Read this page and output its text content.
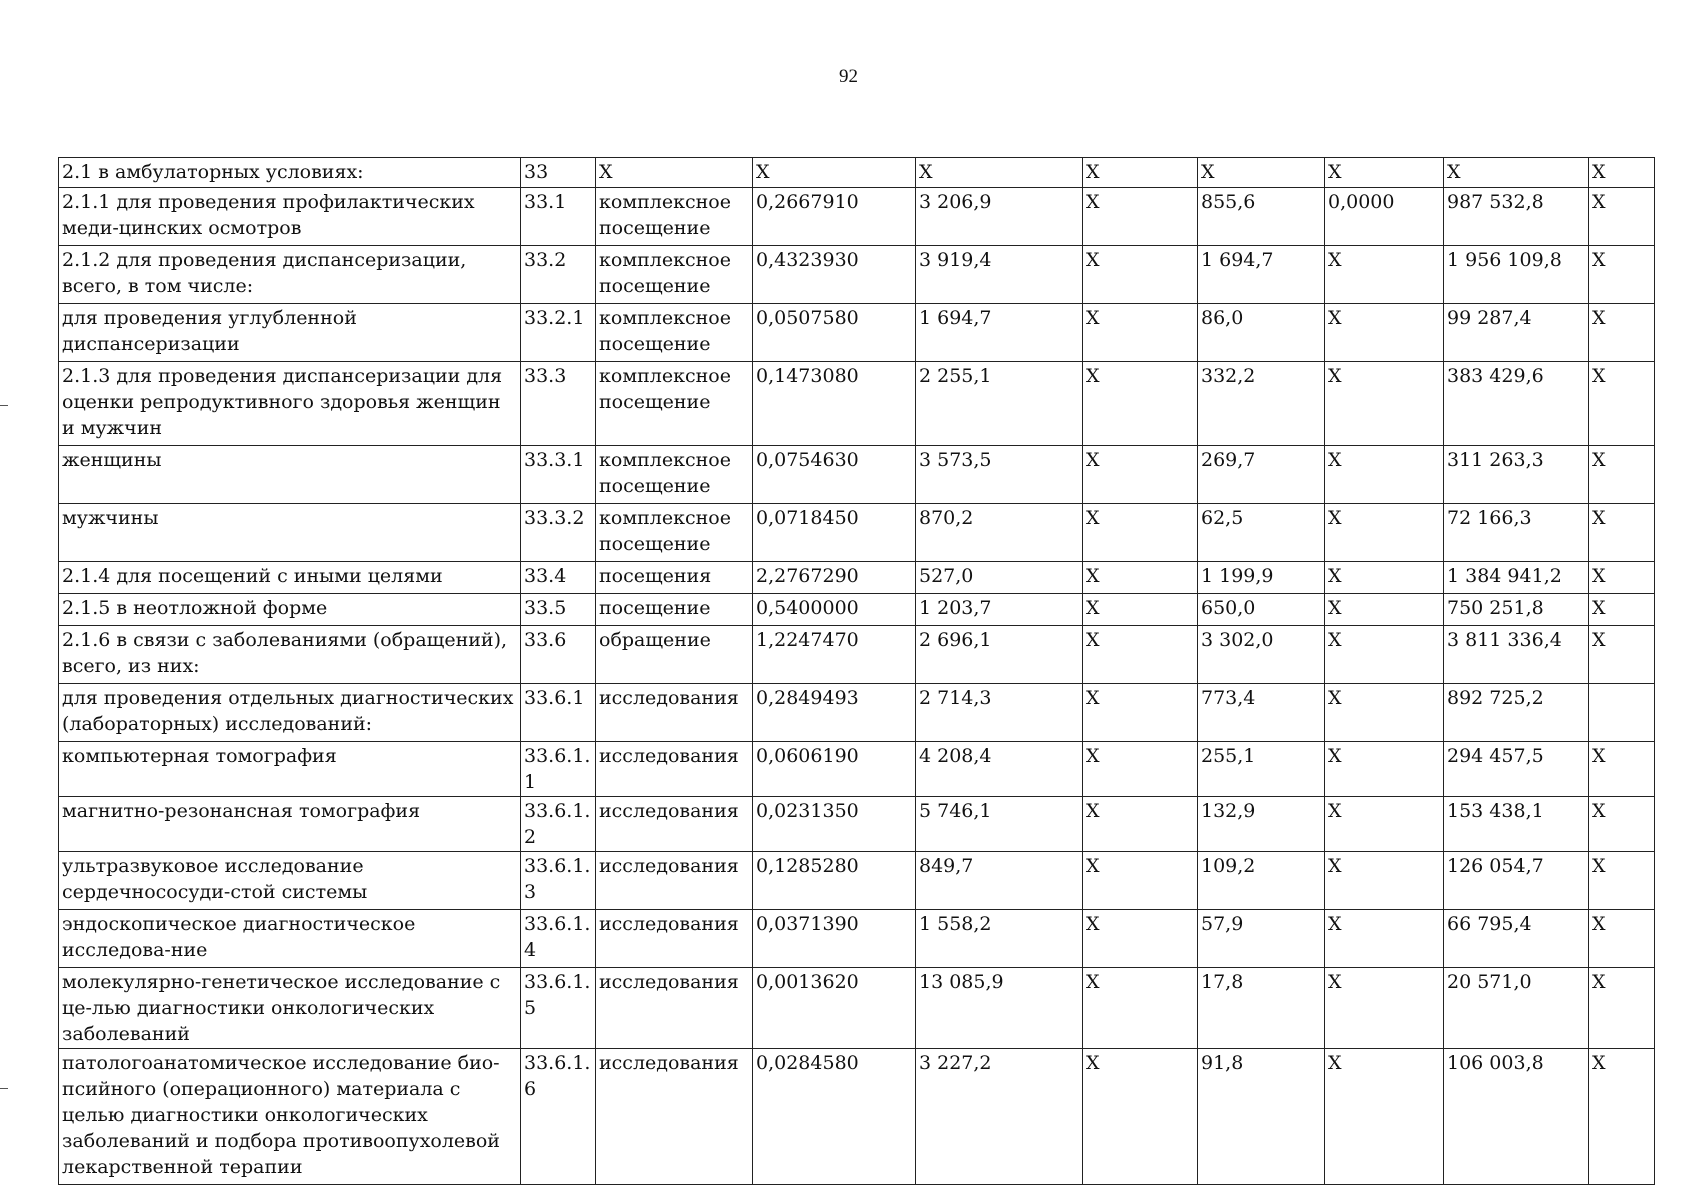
92
2.1 в амбулаторных условиях:	33	Х	Х	Х	Х	Х	Х	Х	Х
2.1.1 для проведения профилактических меди-цинских осмотров	33.1	комплексное посещение	0,2667910	3 206,9	Х	855,6	0,0000	987 532,8	Х
2.1.2 для проведения диспансеризации, всего, в том числе:	33.2	комплексное посещение	0,4323930	3 919,4	Х	1 694,7	Х	1 956 109,8	Х
для проведения углубленной диспансеризации	33.2.1	комплексное посещение	0,0507580	1 694,7	Х	86,0	Х	99 287,4	Х
2.1.3 для проведения диспансеризации для оценки репродуктивного здоровья женщин и мужчин	33.3	комплексное посещение	0,1473080	2 255,1	Х	332,2	Х	383 429,6	Х
женщины	33.3.1	комплексное посещение	0,0754630	3 573,5	Х	269,7	Х	311 263,3	Х
мужчины	33.3.2	комплексное посещение	0,0718450	870,2	Х	62,5	Х	72 166,3	Х
2.1.4 для посещений с иными целями	33.4	посещения	2,2767290	527,0	Х	1 199,9	Х	1 384 941,2	Х
2.1.5 в неотложной форме	33.5	посещение	0,5400000	1 203,7	Х	650,0	Х	750 251,8	Х
2.1.6 в связи с заболеваниями (обращений), всего, из них:	33.6	обращение	1,2247470	2 696,1	Х	3 302,0	Х	3 811 336,4	Х
для проведения отдельных диагностических (лабораторных) исследований:	33.6.1	исследования	0,2849493	2 714,3	Х	773,4	Х	892 725,2	
компьютерная томография	33.6.1.1	исследования	0,0606190	4 208,4	Х	255,1	Х	294 457,5	Х
магнитно-резонансная томография	33.6.1.2	исследования	0,0231350	5 746,1	Х	132,9	Х	153 438,1	Х
ультразвуковое исследование сердечнососуди-стой системы	33.6.1.3	исследования	0,1285280	849,7	Х	109,2	Х	126 054,7	Х
эндоскопическое диагностическое исследова-ние	33.6.1.4	исследования	0,0371390	1 558,2	Х	57,9	Х	66 795,4	Х
молекулярно-генетическое исследование с це-лью диагностики онкологических заболеваний	33.6.1.5	исследования	0,0013620	13 085,9	Х	17,8	Х	20 571,0	Х
патологоанатомическое исследование био-псийного (операционного) материала с целью диагностики онкологических заболеваний и подбора противоопухолевой лекарственной терапии	33.6.1.6	исследования	0,0284580	3 227,2	Х	91,8	Х	106 003,8	Х
